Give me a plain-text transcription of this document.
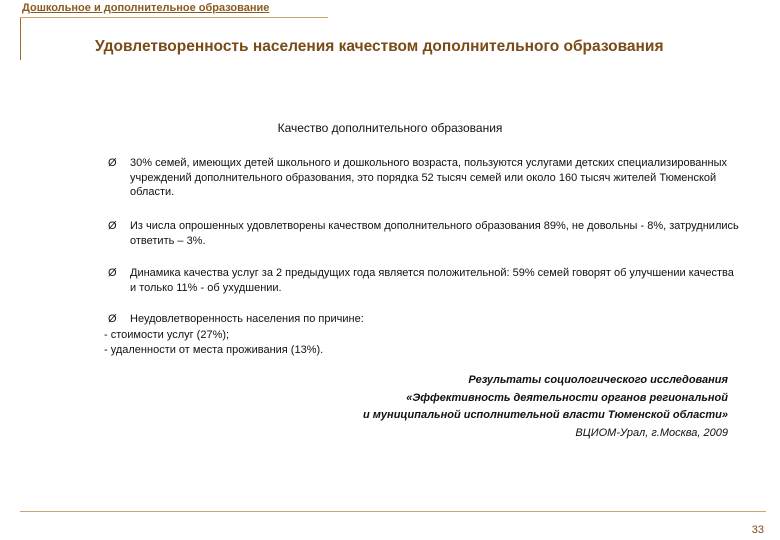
Дошкольное и дополнительное образование
Удовлетворенность населения качеством дополнительного образования
Качество дополнительного образования
Ø 30% семей, имеющих детей школьного и дошкольного возраста, пользуются услугами детских специализированных учреждений дополнительного образования, это порядка 52 тысяч семей или около 160 тысяч жителей Тюменской области.
Ø Из числа опрошенных удовлетворены качеством дополнительного образования 89%, не довольны - 8%, затруднились ответить – 3%.
Ø Динамика качества услуг за 2 предыдущих года является положительной: 59% семей говорят об улучшении качества и только 11% - об ухудшении.
Ø Неудовлетворенность населения по причине:
- стоимости услуг (27%);
- удаленности от места проживания (13%).
Результаты социологического исследования
«Эффективность деятельности органов региональной
и муниципальной исполнительной власти Тюменской области»
ВЦИОМ-Урал, г.Москва, 2009
33
